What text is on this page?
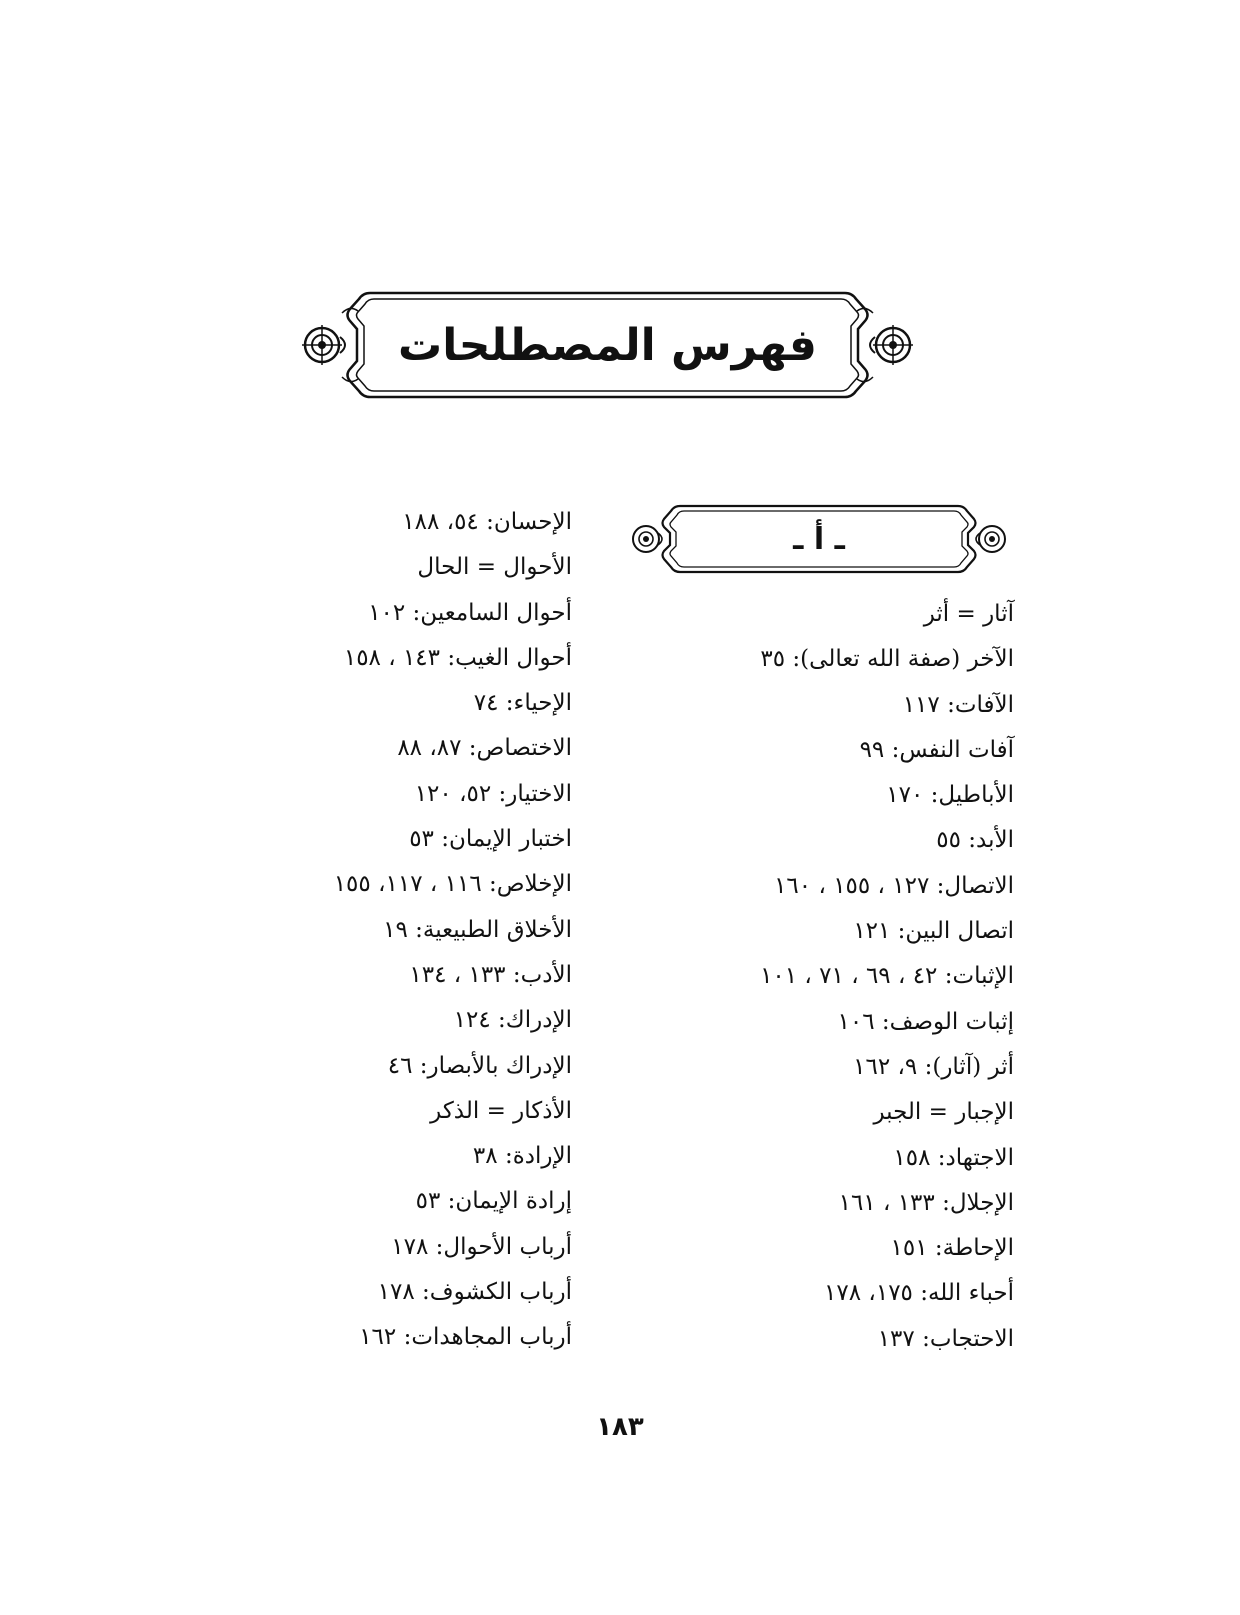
فهرس المصطلحات
ـ أ ـ
آثار = أثر
الآخر (صفة الله تعالى): ٣٥
الآفات: ١١٧
آفات النفس: ٩٩
الأباطيل: ١٧٠
الأبد: ٥٥
الاتصال: ١٢٧ ، ١٥٥ ، ١٦٠
اتصال البين: ١٢١
الإثبات: ٤٢ ، ٦٩ ، ٧١ ، ١٠١
إثبات الوصف: ١٠٦
أثر (آثار): ٩، ١٦٢
الإجبار = الجبر
الاجتهاد: ١٥٨
الإجلال: ١٣٣ ، ١٦١
الإحاطة: ١٥١
أحباء الله: ١٧٥، ١٧٨
الاحتجاب: ١٣٧
الإحسان: ٥٤، ١٨٨
الأحوال = الحال
أحوال السامعين: ١٠٢
أحوال الغيب: ١٤٣ ، ١٥٨
الإحياء: ٧٤
الاختصاص: ٨٧، ٨٨
الاختيار: ٥٢، ١٢٠
اختبار الإيمان: ٥٣
الإخلاص: ١١٦ ، ١١٧، ١٥٥
الأخلاق الطبيعية: ١٩
الأدب: ١٣٣ ، ١٣٤
الإدراك: ١٢٤
الإدراك بالأبصار: ٤٦
الأذكار = الذكر
الإرادة: ٣٨
إرادة الإيمان: ٥٣
أرباب الأحوال: ١٧٨
أرباب الكشوف: ١٧٨
أرباب المجاهدات: ١٦٢
١٨٣
